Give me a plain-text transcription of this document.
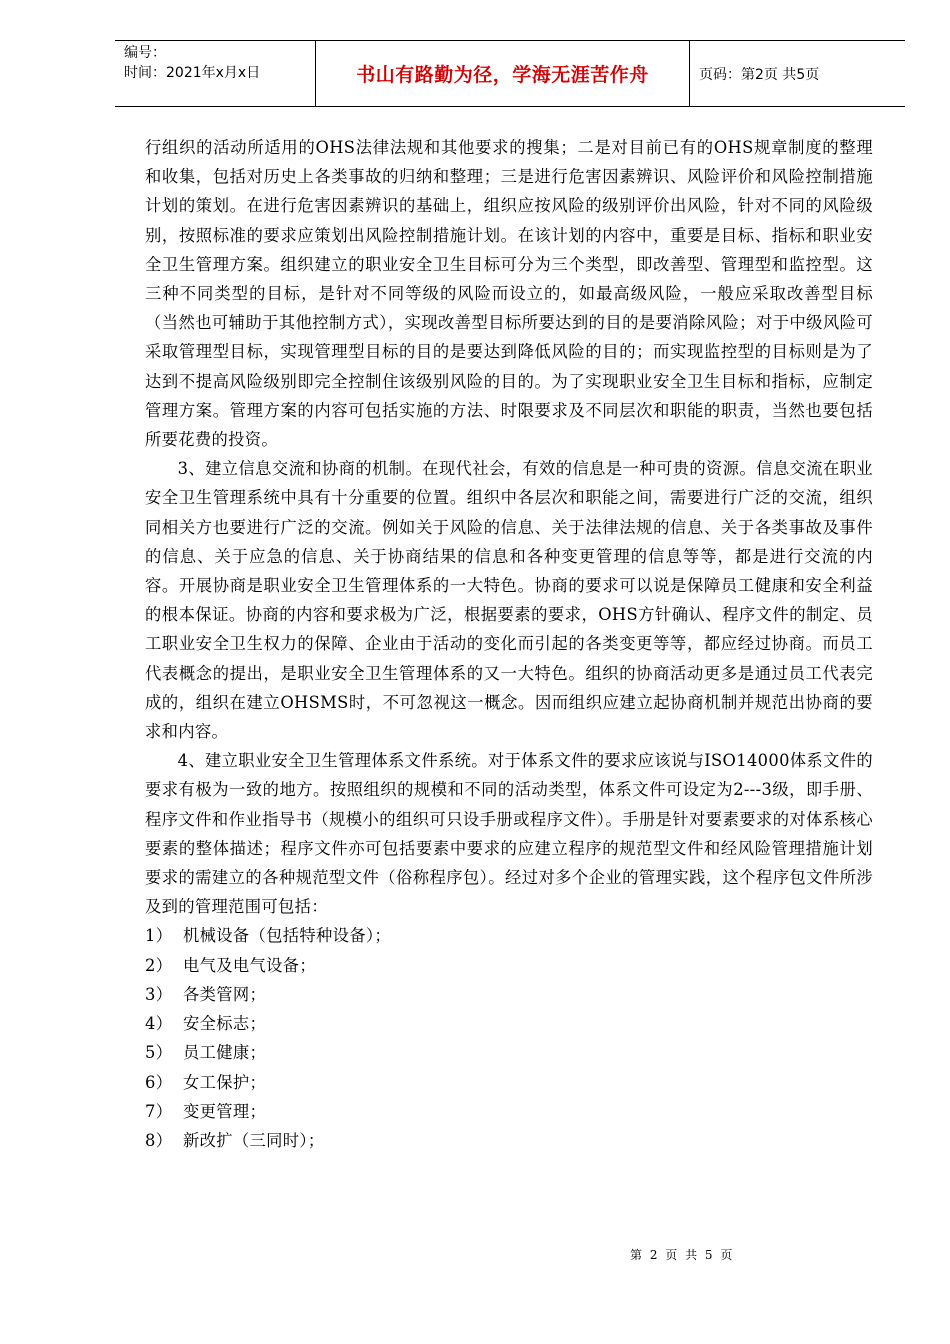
编号：
时间：2021年x月x日	书山有路勤为径，学海无涯苦作舟	页码：第2页 共5页

行组织的活动所适用的OHS法律法规和其他要求的搜集；二是对目前已有的OHS规章制度的整理和收集，包括对历史上各类事故的归纳和整理；三是进行危害因素辨识、风险评价和风险控制措施计划的策划。在进行危害因素辨识的基础上，组织应按风险的级别评价出风险，针对不同的风险级别，按照标准的要求应策划出风险控制措施计划。在该计划的内容中，重要是目标、指标和职业安全卫生管理方案。组织建立的职业安全卫生目标可分为三个类型，即改善型、管理型和监控型。这三种不同类型的目标，是针对不同等级的风险而设立的，如最高级风险，一般应采取改善型目标（当然也可辅助于其他控制方式），实现改善型目标所要达到的目的是要消除风险；对于中级风险可采取管理型目标，实现管理型目标的目的是要达到降低风险的目的；而实现监控型的目标则是为了达到不提高风险级别即完全控制住该级别风险的目的。为了实现职业安全卫生目标和指标，应制定管理方案。管理方案的内容可包括实施的方法、时限要求及不同层次和职能的职责，当然也要包括所要花费的投资。

3、建立信息交流和协商的机制。在现代社会，有效的信息是一种可贵的资源。信息交流在职业安全卫生管理系统中具有十分重要的位置。组织中各层次和职能之间，需要进行广泛的交流，组织同相关方也要进行广泛的交流。例如关于风险的信息、关于法律法规的信息、关于各类事故及事件的信息、关于应急的信息、关于协商结果的信息和各种变更管理的信息等等，都是进行交流的内容。开展协商是职业安全卫生管理体系的一大特色。协商的要求可以说是保障员工健康和安全利益的根本保证。协商的内容和要求极为广泛，根据要素的要求，OHS方针确认、程序文件的制定、员工职业安全卫生权力的保障、企业由于活动的变化而引起的各类变更等等，都应经过协商。而员工代表概念的提出，是职业安全卫生管理体系的又一大特色。组织的协商活动更多是通过员工代表完成的，组织在建立OHSMS时，不可忽视这一概念。因而组织应建立起协商机制并规范出协商的要求和内容。

4、建立职业安全卫生管理体系文件系统。对于体系文件的要求应该说与ISO14000体系文件的要求有极为一致的地方。按照组织的规模和不同的活动类型，体系文件可设定为2---3级，即手册、程序文件和作业指导书（规模小的组织可只设手册或程序文件）。手册是针对要素要求的对体系核心要素的整体描述；程序文件亦可包括要素中要求的应建立程序的规范型文件和经风险管理措施计划要求的需建立的各种规范型文件（俗称程序包）。经过对多个企业的管理实践，这个程序包文件所涉及到的管理范围可包括：

1） 机械设备（包括特种设备）；
2） 电气及电气设备；
3） 各类管网；
4） 安全标志；
5） 员工健康；
6） 女工保护；
7） 变更管理；
8） 新改扩（三同时）；
第 2 页 共 5 页
